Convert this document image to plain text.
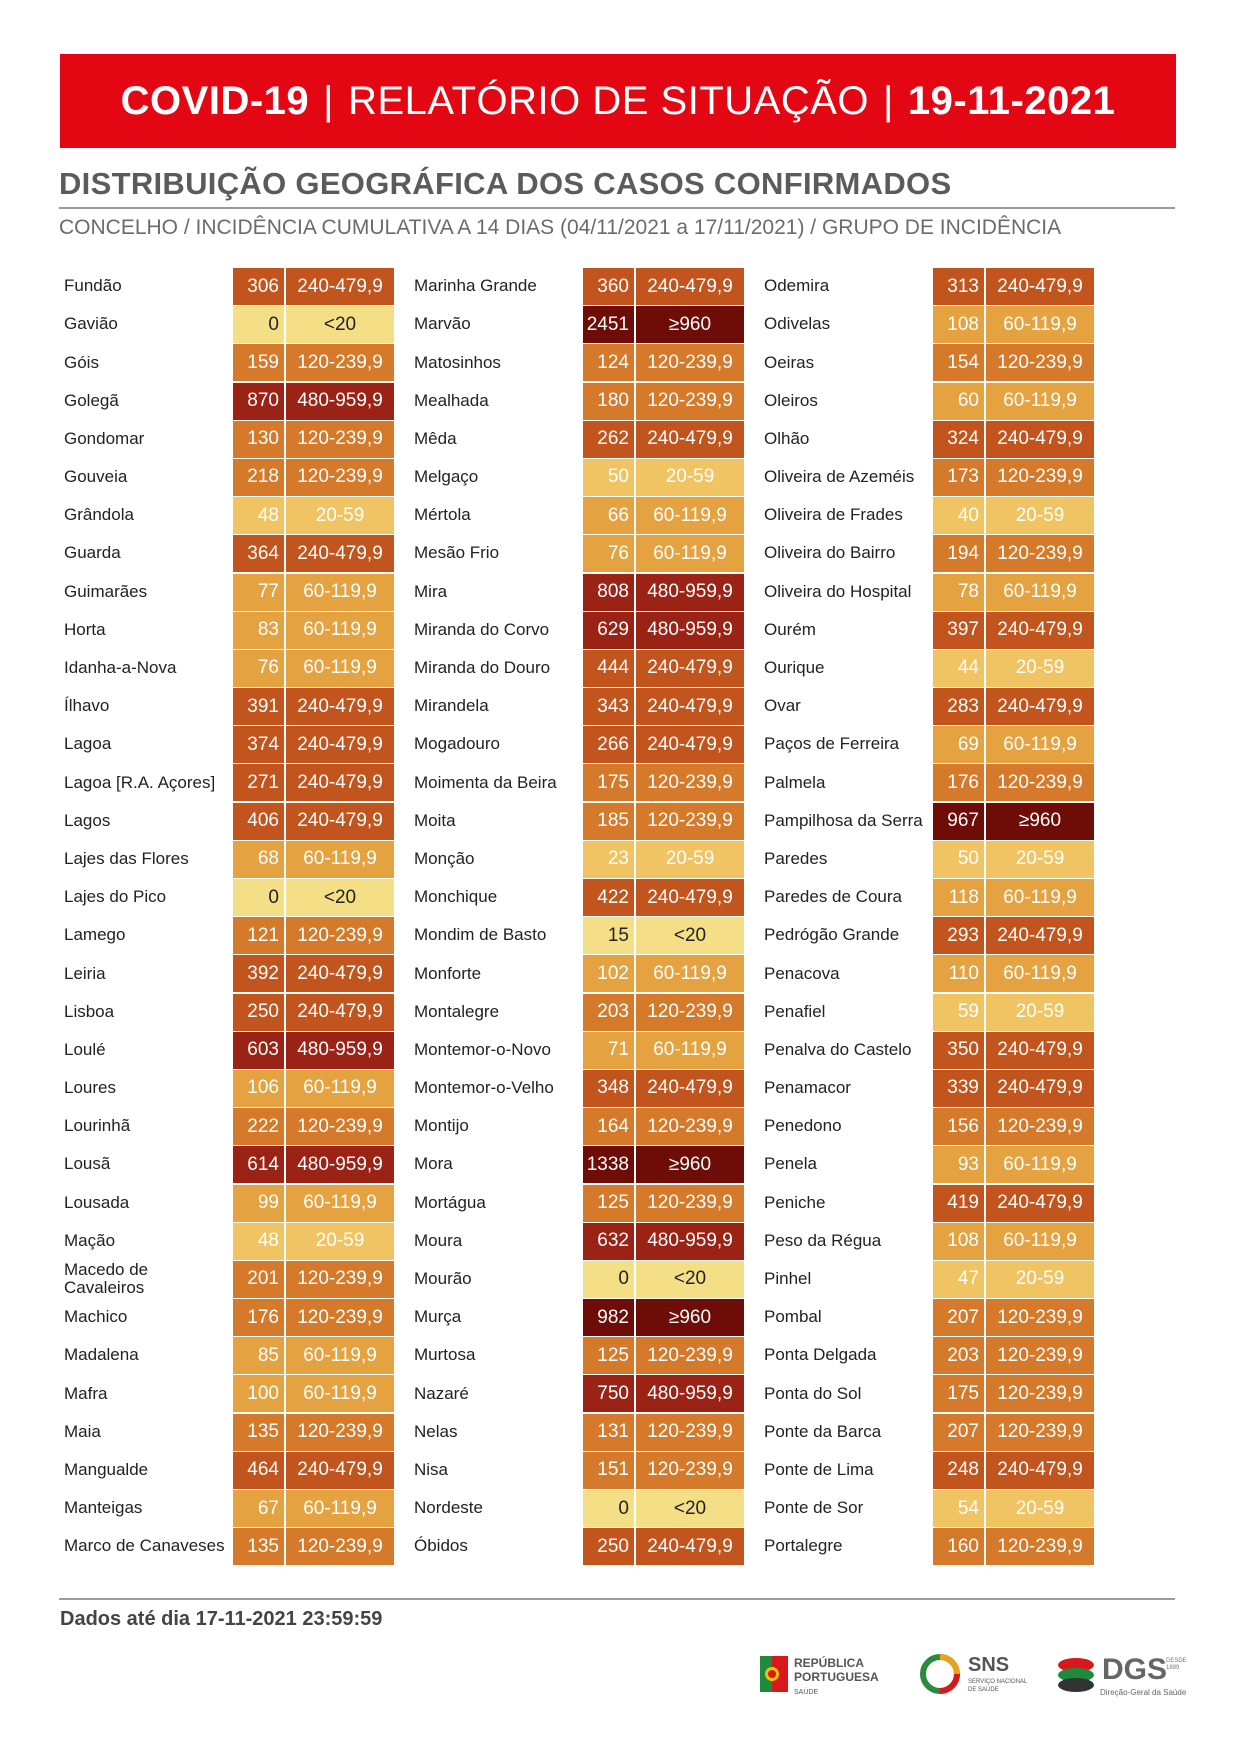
COVID-19 | RELATÓRIO DE SITUAÇÃO | 19-11-2021
DISTRIBUIÇÃO GEOGRÁFICA DOS CASOS CONFIRMADOS
CONCELHO / INCIDÊNCIA CUMULATIVA A 14 DIAS (04/11/2021 a 17/11/2021) / GRUPO DE INCIDÊNCIA
Fundão	306 240-479,9
Gavião	0	<20
Góis	159 120-239,9
Golegã	870 480-959,9
Gondomar	130 120-239,9
Gouveia	218 120-239,9
Grândola	48	20-59
Guarda	364 240-479,9
Guimarães	77	60-119,9
Horta	83	60-119,9
Idanha-a-Nova	76	60-119,9
Ílhavo	391 240-479,9
Lagoa	374 240-479,9
Lagoa [R.A. Açores]	271 240-479,9
Lagos	406 240-479,9
Lajes das Flores	68	60-119,9
Lajes do Pico	0	<20
Lamego	121 120-239,9
Leiria	392 240-479,9
Lisboa	250 240-479,9
Loulé	603 480-959,9
Loures	106	60-119,9
Lourinhã	222 120-239,9
Lousã	614 480-959,9
Lousada	99	60-119,9
Mação	48	20-59
Macedo de Cavaleiros	201 120-239,9
Machico	176 120-239,9
Madalena	85	60-119,9
Mafra	100	60-119,9
Maia	135 120-239,9
Mangualde	464 240-479,9
Manteigas	67	60-119,9
Marco de Canaveses	135 120-239,9
Marinha Grande	360 240-479,9
Marvão	2451	≥960
Matosinhos	124 120-239,9
Mealhada	180 120-239,9
Mêda	262 240-479,9
Melgaço	50	20-59
Mértola	66	60-119,9
Mesão Frio	76	60-119,9
Mira	808 480-959,9
Miranda do Corvo	629 480-959,9
Miranda do Douro	444 240-479,9
Mirandela	343 240-479,9
Mogadouro	266 240-479,9
Moimenta da Beira	175 120-239,9
Moita	185 120-239,9
Monção	23	20-59
Monchique	422 240-479,9
Mondim de Basto	15	<20
Monforte	102	60-119,9
Montalegre	203 120-239,9
Montemor-o-Novo	71	60-119,9
Montemor-o-Velho	348 240-479,9
Montijo	164 120-239,9
Mora	1338	≥960
Mortágua	125 120-239,9
Moura	632 480-959,9
Mourão	0	<20
Murça	982	≥960
Murtosa	125 120-239,9
Nazaré	750 480-959,9
Nelas	131 120-239,9
Nisa	151 120-239,9
Nordeste	0	<20
Óbidos	250 240-479,9
Odemira	313 240-479,9
Odivelas	108	60-119,9
Oeiras	154 120-239,9
Oleiros	60	60-119,9
Olhão	324 240-479,9
Oliveira de Azeméis	173 120-239,9
Oliveira de Frades	40	20-59
Oliveira do Bairro	194 120-239,9
Oliveira do Hospital	78	60-119,9
Ourém	397 240-479,9
Ourique	44	20-59
Ovar	283 240-479,9
Paços de Ferreira	69	60-119,9
Palmela	176 120-239,9
Pampilhosa da Serra	967	≥960
Paredes	50	20-59
Paredes de Coura	118	60-119,9
Pedrógão Grande	293 240-479,9
Penacova	110	60-119,9
Penafiel	59	20-59
Penalva do Castelo	350 240-479,9
Penamacor	339 240-479,9
Penedono	156 120-239,9
Penela	93	60-119,9
Peniche	419 240-479,9
Peso da Régua	108	60-119,9
Pinhel	47	20-59
Pombal	207 120-239,9
Ponta Delgada	203 120-239,9
Ponta do Sol	175 120-239,9
Ponte da Barca	207 120-239,9
Ponte de Lima	248 240-479,9
Ponte de Sor	54	20-59
Portalegre	160 120-239,9
Dados até dia 17-11-2021 23:59:59
REPÚBLICA
PORTUGUESA
SAÚDE
SNS
SERVIÇO NACIONAL DE SAÚDE
DGS
DESDE 1899
Direção-Geral da Saúde
